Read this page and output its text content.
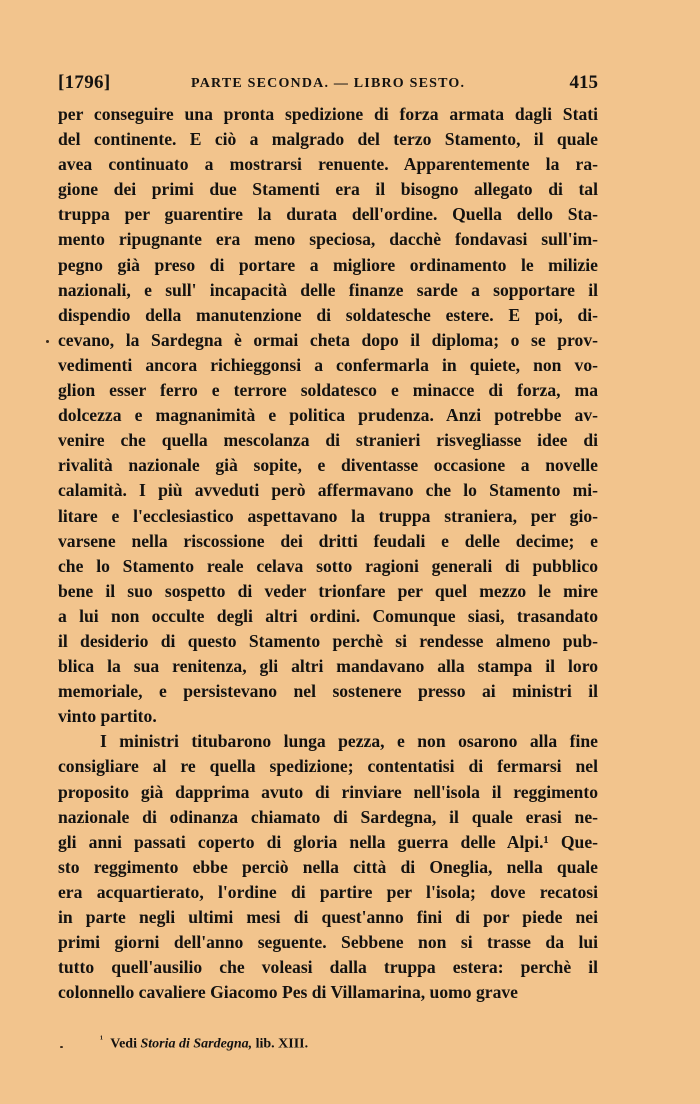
[1796]	PARTE SECONDA. — LIBRO SESTO.	415
per conseguire una pronta spedizione di forza armata dagli Stati
del continente. E ciò a malgrado del terzo Stamento, il quale
avea continuato a mostrarsi renuente. Apparentemente la ra-
gione dei primi due Stamenti era il bisogno allegato di tal
truppa per guarentire la durata dell'ordine. Quella dello Sta-
mento ripugnante era meno speciosa, dacchè fondavasi sull'im-
pegno già preso di portare a migliore ordinamento le milizie
nazionali, e sull' incapacità delle finanze sarde a sopportare il
dispendio della manutenzione di soldatesche estere. E poi, di-
cevano, la Sardegna è ormai cheta dopo il diploma; o se prov-
vedimenti ancora richieggonsi a confermarla in quiete, non vo-
glion esser ferro e terrore soldatesco e minacce di forza, ma
dolcezza e magnanimità e politica prudenza. Anzi potrebbe av-
venire che quella mescolanza di stranieri risvegliasse idee di
rivalità nazionale già sopite, e diventasse occasione a novelle
calamità. I più avveduti però affermavano che lo Stamento mi-
litare e l'ecclesiastico aspettavano la truppa straniera, per gio-
varsene nella riscossione dei dritti feudali e delle decime; e
che lo Stamento reale celava sotto ragioni generali di pubblico
bene il suo sospetto di veder trionfare per quel mezzo le mire
a lui non occulte degli altri ordini. Comunque siasi, trasandato
il desiderio di questo Stamento perchè si rendesse almeno pub-
blica la sua renitenza, gli altri mandavano alla stampa il loro
memoriale, e persistevano nel sostenere presso ai ministri il
vinto partito.
I ministri titubarono lunga pezza, e non osarono alla fine
consigliare al re quella spedizione; contentatisi di fermarsi nel
proposito già dapprima avuto di rinviare nell'isola il reggimento
nazionale di odinanza chiamato di Sardegna, il quale erasi ne-
gli anni passati coperto di gloria nella guerra delle Alpi.¹ Que-
sto reggimento ebbe perciò nella città di Oneglia, nella quale
era acquartierato, l'ordine di partire per l'isola; dove recatosi
in parte negli ultimi mesi di quest'anno fini di por piede nei
primi giorni dell'anno seguente. Sebbene non si trasse da lui
tutto quell'ausilio che voleasi dalla truppa estera: perchè il
colonnello cavaliere Giacomo Pes di Villamarina, uomo grave
$^{^1}$ Vedi Storia di Sardegna, lib. XIII.
